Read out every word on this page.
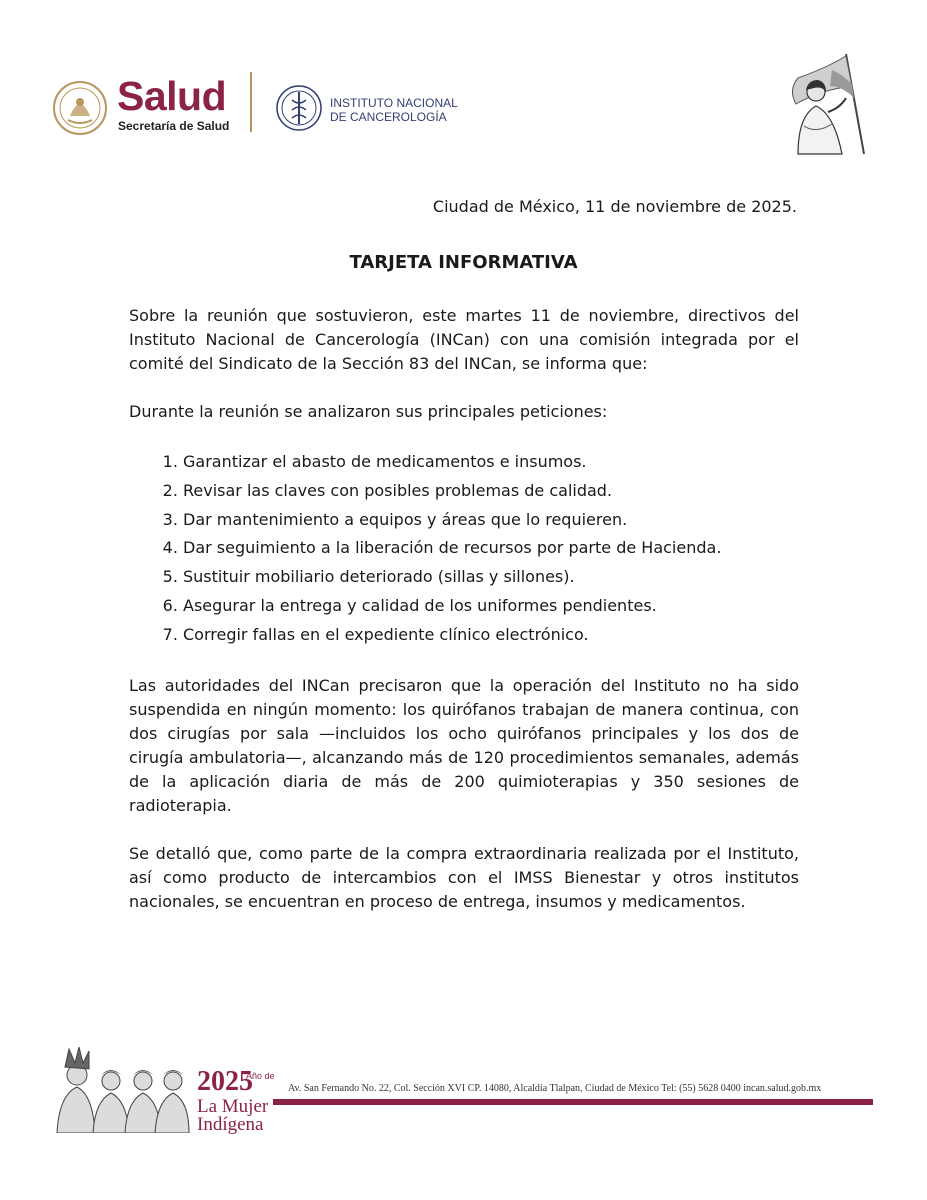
Salud
Secretaría de Salud
INSTITUTO NACIONAL
DE CANCEROLOGÍA
Ciudad de México, 11 de noviembre de 2025.
TARJETA INFORMATIVA

Sobre la reunión que sostuvieron, este martes 11 de noviembre, directivos del Instituto Nacional de Cancerología (INCan) con una comisión integrada por el comité del Sindicato de la Sección 83 del INCan, se informa que:

Durante la reunión se analizaron sus principales peticiones:

1. Garantizar el abasto de medicamentos e insumos.
2. Revisar las claves con posibles problemas de calidad.
3. Dar mantenimiento a equipos y áreas que lo requieren.
4. Dar seguimiento a la liberación de recursos por parte de Hacienda.
5. Sustituir mobiliario deteriorado (sillas y sillones).
6. Asegurar la entrega y calidad de los uniformes pendientes.
7. Corregir fallas en el expediente clínico electrónico.

Las autoridades del INCan precisaron que la operación del Instituto no ha sido suspendida en ningún momento: los quirófanos trabajan de manera continua, con dos cirugías por sala —incluidos los ocho quirófanos principales y los dos de cirugía ambulatoria—, alcanzando más de 120 procedimientos semanales, además de la aplicación diaria de más de 200 quimioterapias y 350 sesiones de radioterapia.

Se detalló que, como parte de la compra extraordinaria realizada por el Instituto, así como producto de intercambios con el IMSS Bienestar y otros institutos nacionales, se encuentran en proceso de entrega, insumos y medicamentos.

2025
Año de
La Mujer
Indígena
Av. San Fernando No. 22, Col. Sección XVI CP. 14080, Alcaldía Tlalpan, Ciudad de México Tel: (55) 5628 0400 incan.salud.gob.mx
